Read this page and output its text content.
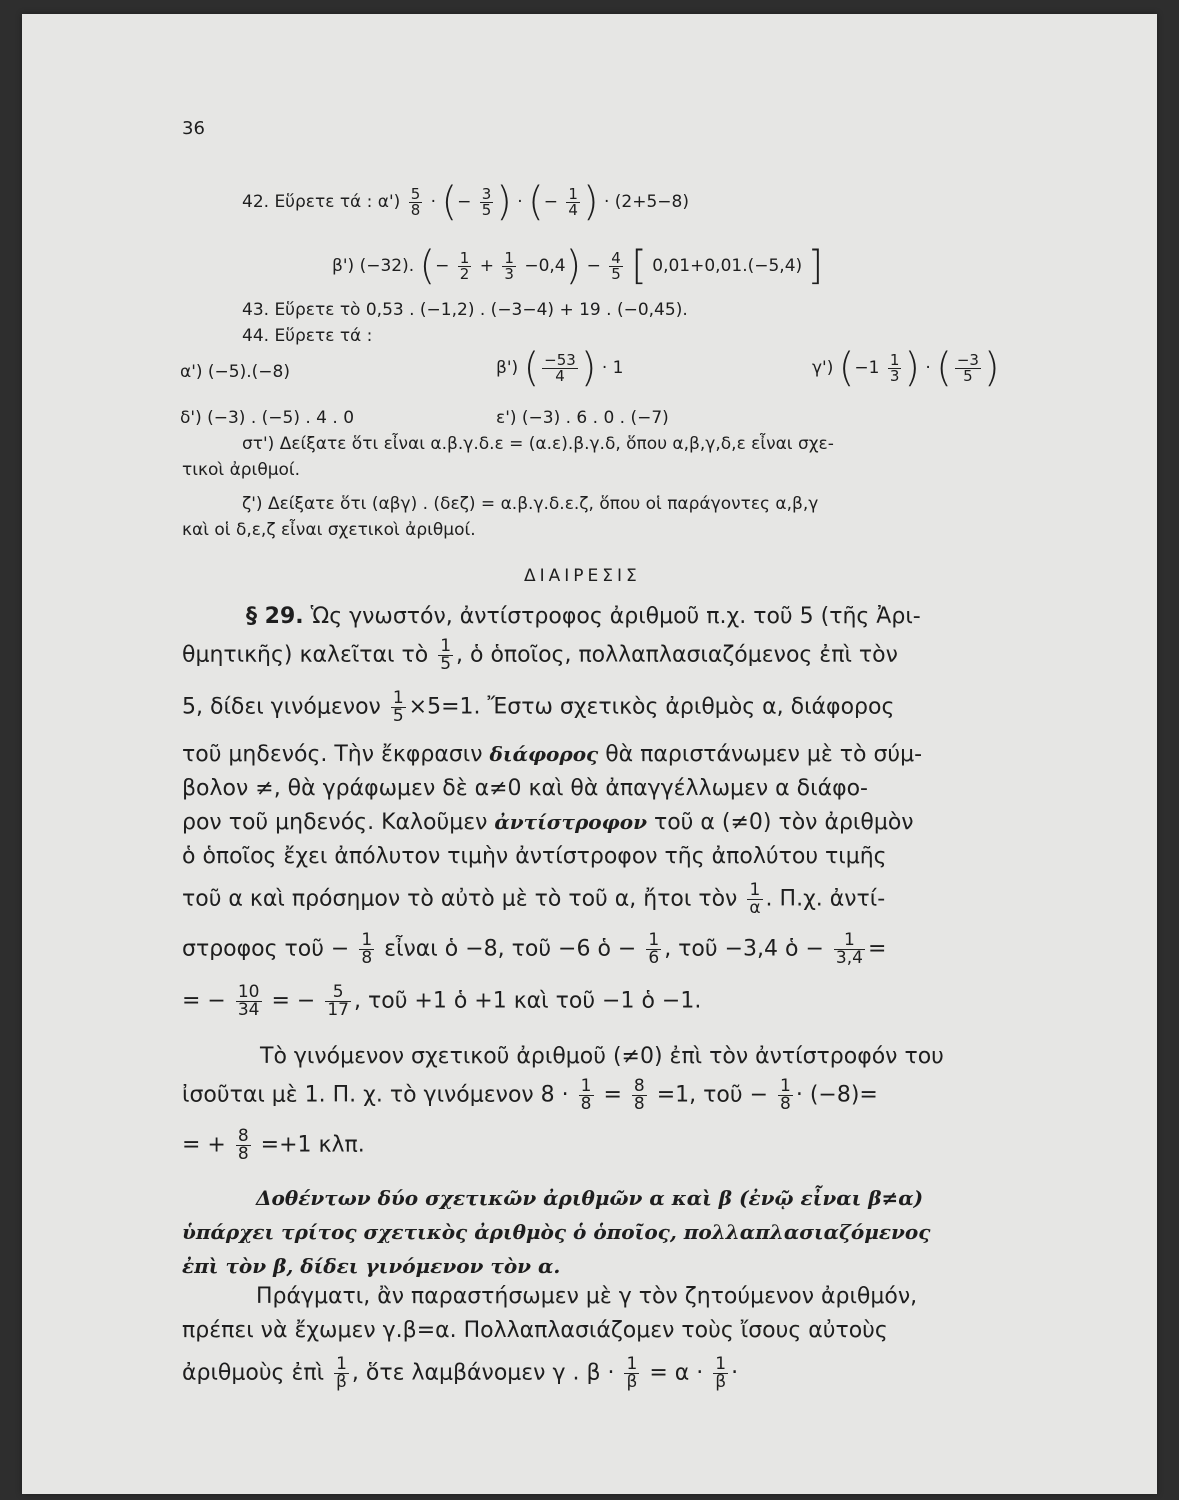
36
42. Εὕρετε τά : $\alpha') \frac{5}{8}$ · (− $\frac{3}{5}$ ) · (− $\frac{1}{4}$ ) · (2+5−8)
β') (−32). (− $\frac{1}{2} + \frac{1}{3} -0,4) - \frac{4}{5}$ [ 0,01+0,01.(−5,4) ]
43. Εὕρετε τὸ 0,53 . (−1,2) . (−3−4) + 19 . (−0,45).
44. Εὕρετε τά :
α') (−5).(−8)	β') ( $\frac{-53}{4}$ ) · 1	γ') ($-1 \frac{1}{3}$ ) · ( $\frac{-3}{5}$ )
δ') (−3) . (−5) . 4 . 0	ε') (−3) . 6 . 0 . (−7)
στ') Δείξατε ὅτι εἶναι α.β.γ.δ.ε = (α.ε).β.γ.δ, ὅπου α,β,γ,δ,ε εἶναι σχε-
τικοὶ ἀριθμοί.
ζ') Δείξατε ὅτι (αβγ) . (δεζ) = α.β.γ.δ.ε.ζ, ὅπου οἱ παράγοντες α,β,γ
καὶ οἱ δ,ε,ζ εἶναι σχετικοὶ ἀριθμοί.
ΔΙΑΙΡΕΣΙΣ
§ 29. Ὡς γνωστόν, ἀντίστροφος ἀριθμοῦ π.χ. τοῦ 5 (τῆς Ἀρι-
θμητικῆς) καλεῖται τὸ $\frac{1}{5}$ , ὁ ὁποῖος, πολλαπλασιαζόμενος ἐπὶ τὸν
5, δίδει γινόμενον $\frac{1}{5} \times 5=1$. Ἔστω σχετικὸς ἀριθμὸς α, διάφορος
τοῦ μηδενός. Τὴν ἔκφρασιν διάφορος θὰ παριστάνωμεν μὲ τὸ σύμ-
βολον ≠, θὰ γράφωμεν δὲ α≠0 καὶ θὰ ἀπαγγέλλωμεν α διάφο-
ρον τοῦ μηδενός. Καλοῦμεν ἀντίστροφον τοῦ α (≠0) τὸν ἀριθμὸν
ὁ ὁποῖος ἔχει ἀπόλυτον τιμὴν ἀντίστροφον τῆς ἀπολύτου τιμῆς
τοῦ α καὶ πρόσημον τὸ αὐτὸ μὲ τὸ τοῦ α, ἤτοι τὸν $\frac{1}{\alpha}$ . Π.χ. ἀντί-
στροφος τοῦ − $\frac{1}{8}$ εἶναι ὁ −8, τοῦ −6 ὁ − $\frac{1}{6}$ , τοῦ −3,4 ὁ − $\frac{1}{3,4}$ =
= − $\frac{10}{34}$ = − $\frac{5}{17}$ , τοῦ +1 ὁ +1 καὶ τοῦ −1 ὁ −1.
Τὸ γινόμενον σχετικοῦ ἀριθμοῦ (≠0) ἐπὶ τὸν ἀντίστροφόν του
ἰσοῦται μὲ 1. Π. χ. τὸ γινόμενον $8 \cdot \frac{1}{8} = \frac{8}{8} =1$, τοῦ − $\frac{1}{8} \cdot (-8)=$
= + $\frac{8}{8} =+1$ κλπ.
Δοθέντων δύο σχετικῶν ἀριθμῶν α καὶ β (ἐνῷ εἶναι β≠α)
ὑπάρχει τρίτος σχετικὸς ἀριθμὸς ὁ ὁποῖος, πολλαπλασιαζόμενος
ἐπὶ τὸν β, δίδει γινόμενον τὸν α.
Πράγματι, ἂν παραστήσωμεν μὲ γ τὸν ζητούμενον ἀριθμόν,
πρέπει νὰ ἔχωμεν γ.β=α. Πολλαπλασιάζομεν τοὺς ἴσους αὐτοὺς
ἀριθμοὺς ἐπὶ $\frac{1}{\beta}$ , ὅτε λαμβάνομεν γ . $\beta \cdot \frac{1}{\beta} = \alpha \cdot \frac{1}{\beta}$ ·
